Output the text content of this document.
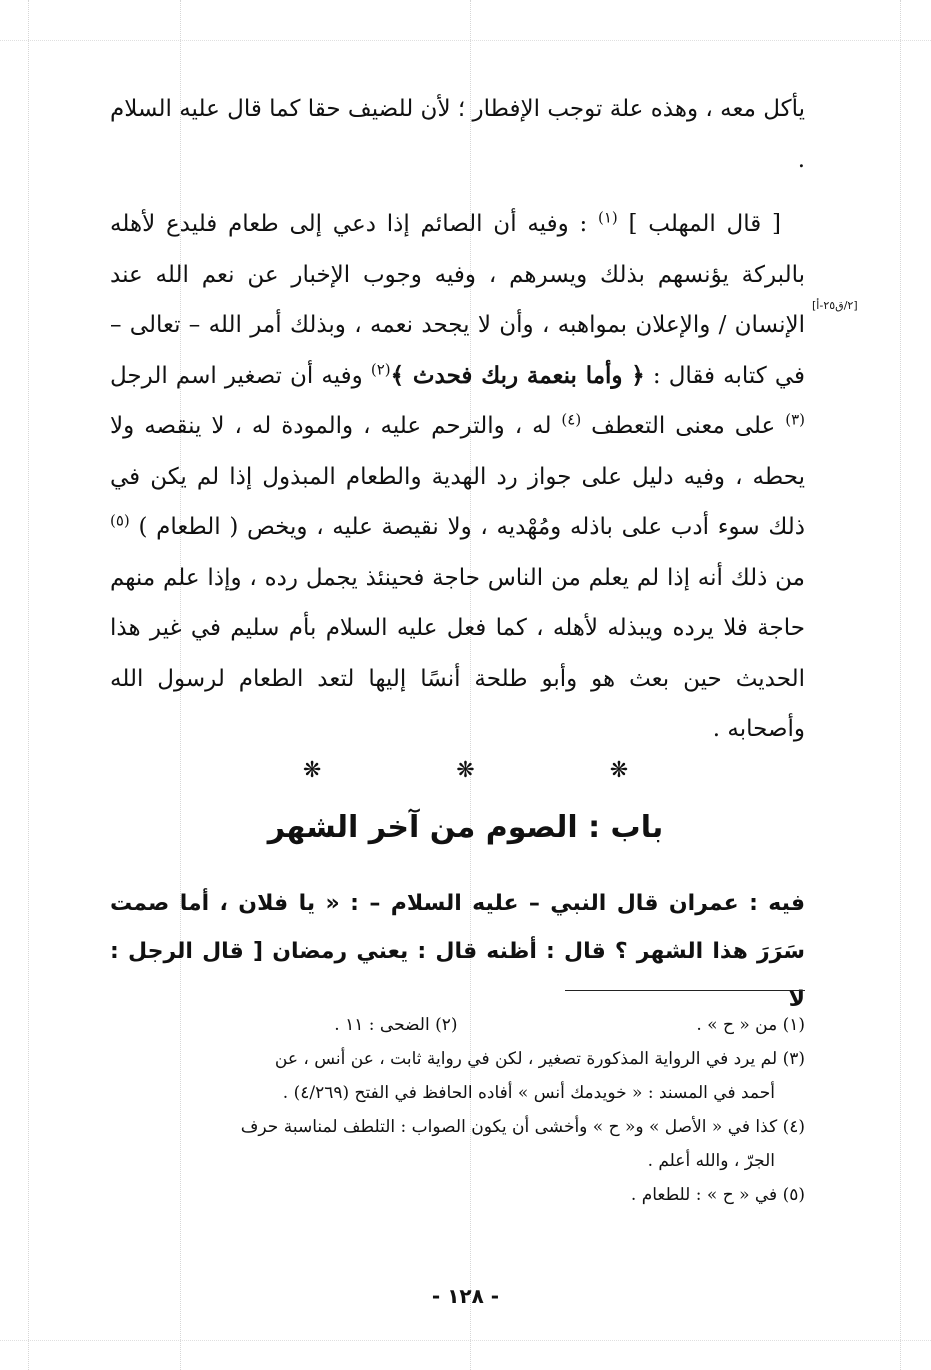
يأكل معه ، وهذه علة توجب الإفطار ؛ لأن للضيف حقا كما قال عليه السلام .

[ قال المهلب ] $^{(١)}$ : وفيه أن الصائم إذا دعي إلى طعام فليدع لأهله بالبركة يؤنسهم بذلك ويسرهم ، وفيه وجوب الإخبار عن نعم الله عند الإنسان / والإعلان بمواهبه ، وأن لا يجحد نعمه ، وبذلك أمر الله – تعالى – في كتابه فقال : ﴿ وأما بنعمة ربك فحدث ﴾$^{(٢)}$ وفيه أن تصغير اسم الرجل $^{(٣)}$ على معنى التعطف $^{(٤)}$ له ، والترحم عليه ، والمودة له ، لا ينقصه ولا يحطه ، وفيه دليل على جواز رد الهدية والطعام المبذول إذا لم يكن في ذلك سوء أدب على باذله ومُهْديه ، ولا نقيصة عليه ، ويخص ( الطعام ) $^{(٥)}$ من ذلك أنه إذا لم يعلم من الناس حاجة فحينئذ يجمل رده ، وإذا علم منهم حاجة فلا يرده ويبذله لأهله ، كما فعل عليه السلام بأم سليم في غير هذا الحديث حين بعث هو وأبو طلحة أنسًا إليها لتعد الطعام لرسول الله وأصحابه .

[٢/ق٢٥-أ]
❋ ❋ ❋
باب : الصوم من آخر الشهر

فيه : عمران قال النبي – عليه السلام – : « يا فلان ، أما صمت سَرَرَ هذا الشهر ؟ قال : أظنه قال : يعني رمضان [ قال الرجل : لا

(١) من « ح » .
(٢) الضحى : ١١ .
(٣) لم يرد في الرواية المذكورة تصغير ، لكن في رواية ثابت ، عن أنس ، عن
أحمد في المسند : « خويدمك أنس » أفاده الحافظ في الفتح (٤/٢٦٩) .
(٤) كذا في « الأصل » و« ح » وأخشى أن يكون الصواب : التلطف لمناسبة حرف
الجرّ ، والله أعلم .
(٥) في « ح » : للطعام .
- ١٢٨ -
